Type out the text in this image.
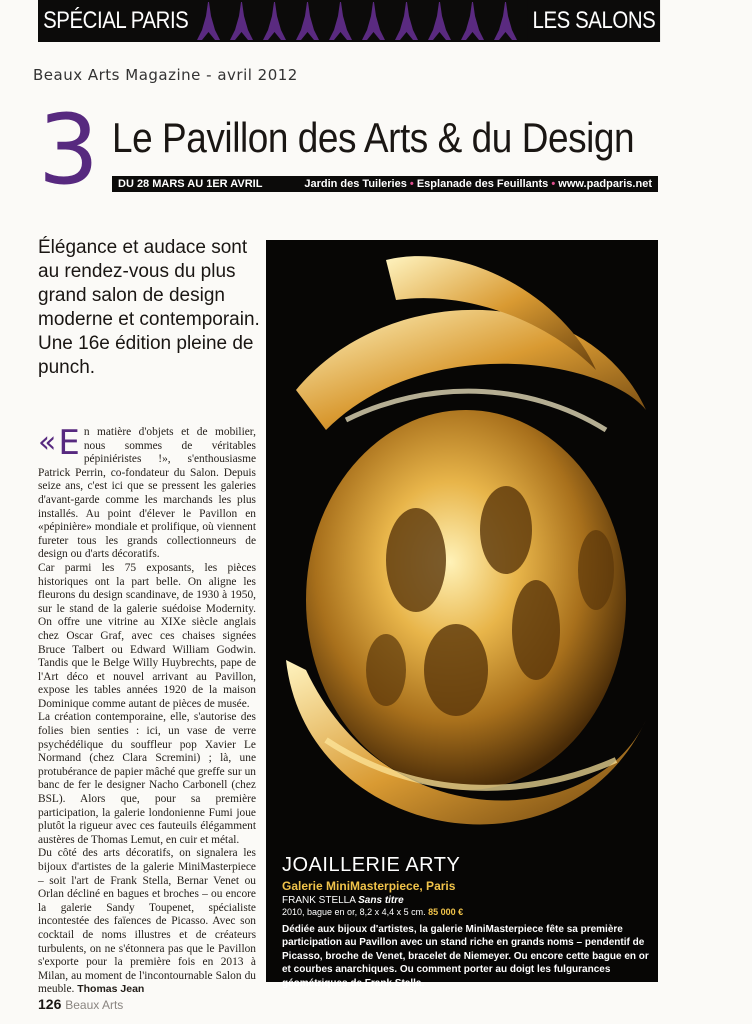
SPÉCIAL PARIS	LES SALONS
Beaux Arts Magazine - avril 2012
3 Le Pavillon des Arts & du Design
DU 28 MARS AU 1ER AVRIL	Jardin des Tuileries • Esplanade des Feuillants • www.padparis.net
Élégance et audace sont au rendez-vous du plus grand salon de design moderne et contemporain. Une 16e édition pleine de punch.

« E n matière d'objets et de mobilier, nous sommes de véritables pépiniéristes !», s'enthousiasme Patrick Perrin, co-fondateur du Salon. Depuis seize ans, c'est ici que se pressent les galeries d'avant-garde comme les marchands les plus installés. Au point d'élever le Pavillon en «pépinière» mondiale et prolifique, où viennent fureter tous les grands collectionneurs de design ou d'arts décoratifs.

Car parmi les 75 exposants, les pièces historiques ont la part belle. On aligne les fleurons du design scandinave, de 1930 à 1950, sur le stand de la galerie suédoise Modernity. On offre une vitrine au XIXe siècle anglais chez Oscar Graf, avec ces chaises signées Bruce Talbert ou Edward William Godwin. Tandis que le Belge Willy Huybrechts, pape de l'Art déco et nouvel arrivant au Pavillon, expose les tables années 1920 de la maison Dominique comme autant de pièces de musée.

La création contemporaine, elle, s'autorise des folies bien senties : ici, un vase de verre psychédélique du souffleur pop Xavier Le Normand (chez Clara Scremini) ; là, une protubérance de papier mâché que greffe sur un banc de fer le designer Nacho Carbonell (chez BSL). Alors que, pour sa première participation, la galerie londonienne Fumi joue plutôt la rigueur avec ces fauteuils élégamment austères de Thomas Lemut, en cuir et métal.

Du côté des arts décoratifs, on signalera les bijoux d'artistes de la galerie MiniMasterpiece – soit l'art de Frank Stella, Bernar Venet ou Orlan décliné en bagues et broches – ou encore la galerie Sandy Toupenet, spécialiste incontestée des faïences de Picasso. Avec son cocktail de noms illustres et de créateurs turbulents, on ne s'étonnera pas que le Pavillon s'exporte pour la première fois en 2013 à Milan, au moment de l'incontournable Salon du meuble. Thomas Jean

JOAILLERIE ARTY
Galerie MiniMasterpiece, Paris
FRANK STELLA Sans titre
2010, bague en or, 8,2 x 4,4 x 5 cm. 85 000 €
Dédiée aux bijoux d'artistes, la galerie MiniMasterpiece fête sa première participation au Pavillon avec un stand riche en grands noms – pendentif de Picasso, broche de Venet, bracelet de Niemeyer. Ou encore cette bague en or et courbes anarchiques. Ou comment porter au doigt les fulgurances géométriques de Frank Stella.
126 Beaux Arts
